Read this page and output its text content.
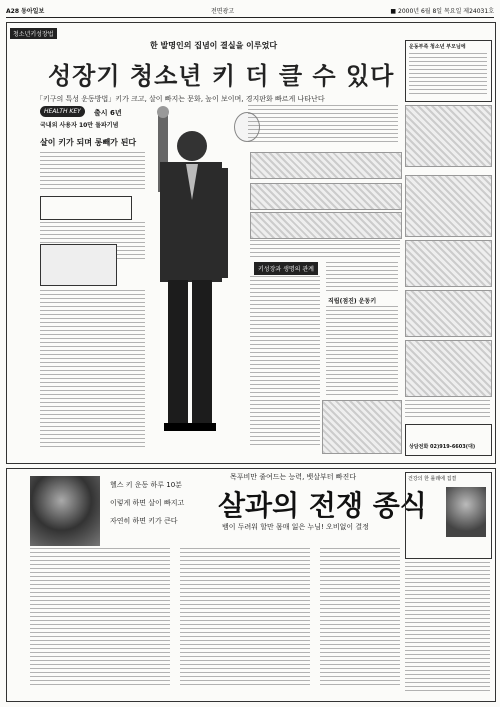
A28 동아일보	전면광고	■ 2000년 6월 8일 목요일 제24031호
청소년키성장법
한 발명인의 집념이 결실을 이루었다
성장기 청소년 키 더 클 수 있다
「키구의 특성 운동방법」키가 크고, 살이 빠지는 문화, 높이 보이며, 경지판화 빠르게 나타난다
HEALTH KEY	출시 6년
국내외 사용자 10만 돌파기념
살이 키가 되며 롱빼가 된다
키성장과 생명의 관계
직립(점진) 운동키
운동부족 청소년 부모님에
상담전화 02)919-6603(대)
헬스 키 운동 하루 10분
이렇게 하면 살이 빠지고
자연히 하면 키가 큰다
목푸비만 줄여드는 능력, 뱃살부터 빠진다
살과의 전쟁 종식
뱀이 두려워 할만 몸매 잃은 누님! 오비없이 결정
건강의 한 롤래에 집결
